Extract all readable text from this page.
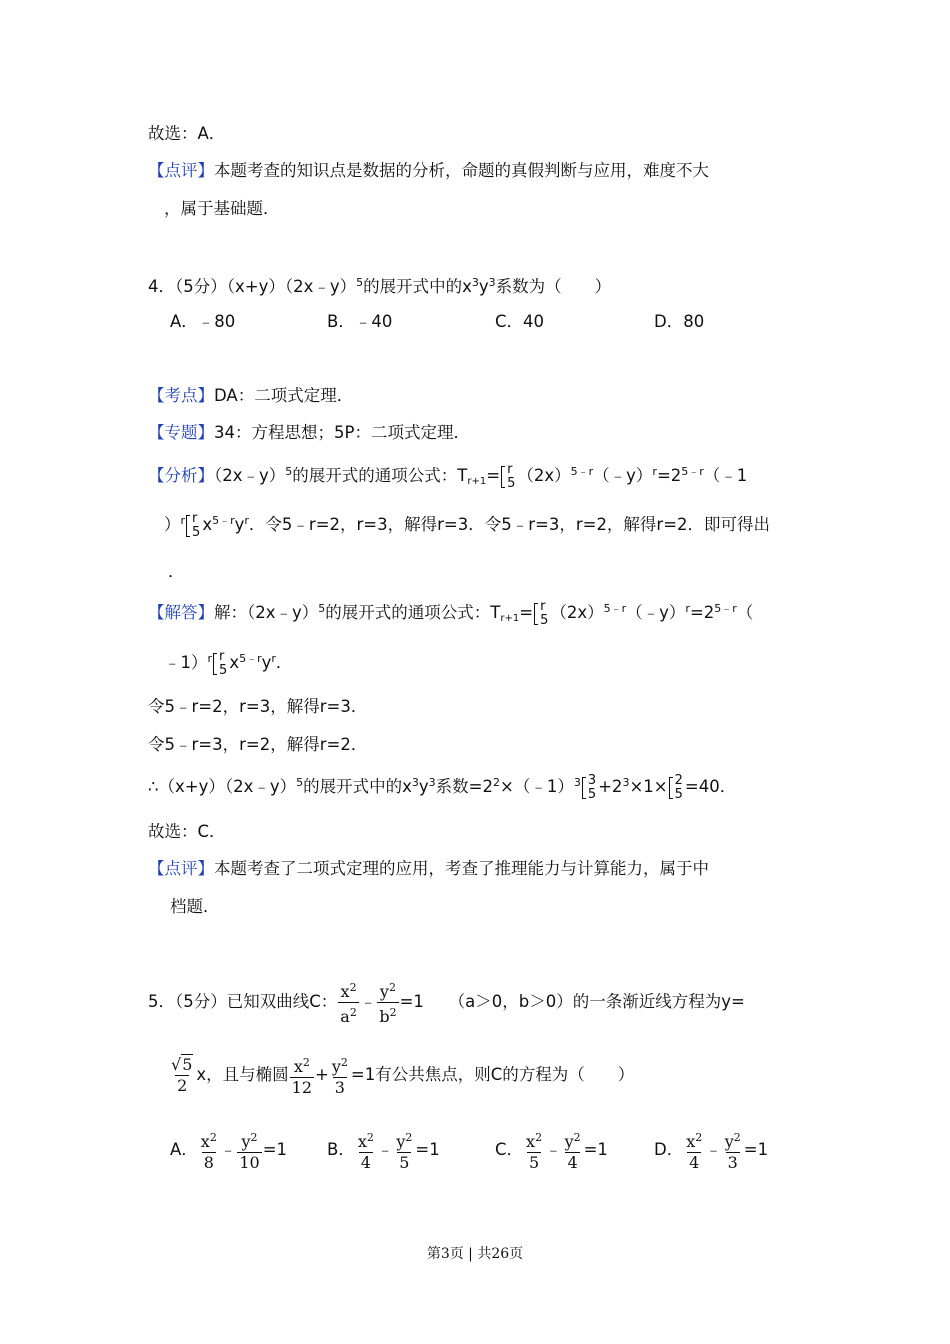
故选：A．
【点评】本题考查的知识点是数据的分析，命题的真假判断与应用，难度不大
，属于基础题．
4．（5分）（x+y）（2x﹣y）$^5$的展开式中的$x^3y^3$系数为（　　）
A．﹣80	B．﹣40	C．40	D．80
【考点】DA：二项式定理．
【专题】34：方程思想；5P：二项式定理．
【分析】（2x﹣y）$^5$的展开式的通项公式：$T_{r+1}= r$
5 $(2x)^{5﹣r}(﹣y)^r=2^{5﹣r}(﹣1$
）$^r$ r
5 $x^{5﹣r}y^r$．令5﹣r=2，r=3，解得r=3．令5﹣r=3，r=2，解得r=2．即可得出
．
【解答】解：（2x﹣y）$^5$的展开式的通项公式：$T_{r+1}= r$
5 $(2x)^{5﹣r}(﹣y)^r=2^{5﹣r}$（
﹣1）$^r$ r
5 $x^{5﹣r}y^r$．
令5﹣r=2，r=3，解得r=3．
令5﹣r=3，r=2，解得r=2．
∴（x+y）（2x﹣y）$^5$的展开式中的$x^3y^3$系数$=2^2\times(﹣1)^3$ 3
$5 +2^3\times 1\times 2$
5 =40．
故选：C．
【点评】本题考查了二项式定理的应用，考查了推理能力与计算能力，属于中
档题．
5．（5分）已知双曲线C： $\frac{x^2}{a^2}$ ﹣ $\frac{y^2}{b^2} =1$　　（a＞0，b＞0）的一条渐近线方程为y=
$\frac{√5}{2}$ x，且与椭圆 $\frac{x^2}{12} + \frac{y^2}{3} =1$有公共焦点，则C的方程为（　　）
A． $\frac{x^2}{8}$ ﹣ $\frac{y^2}{10} =1$ B． $\frac{x^2}{4}$ ﹣ $\frac{y^2}{5} =1$	C． $\frac{x^2}{5}$ ﹣ $\frac{y^2}{4} =1$	D． $\frac{x^2}{4}$ ﹣ $\frac{y^2}{3} =1$
第3页 | 共26页
